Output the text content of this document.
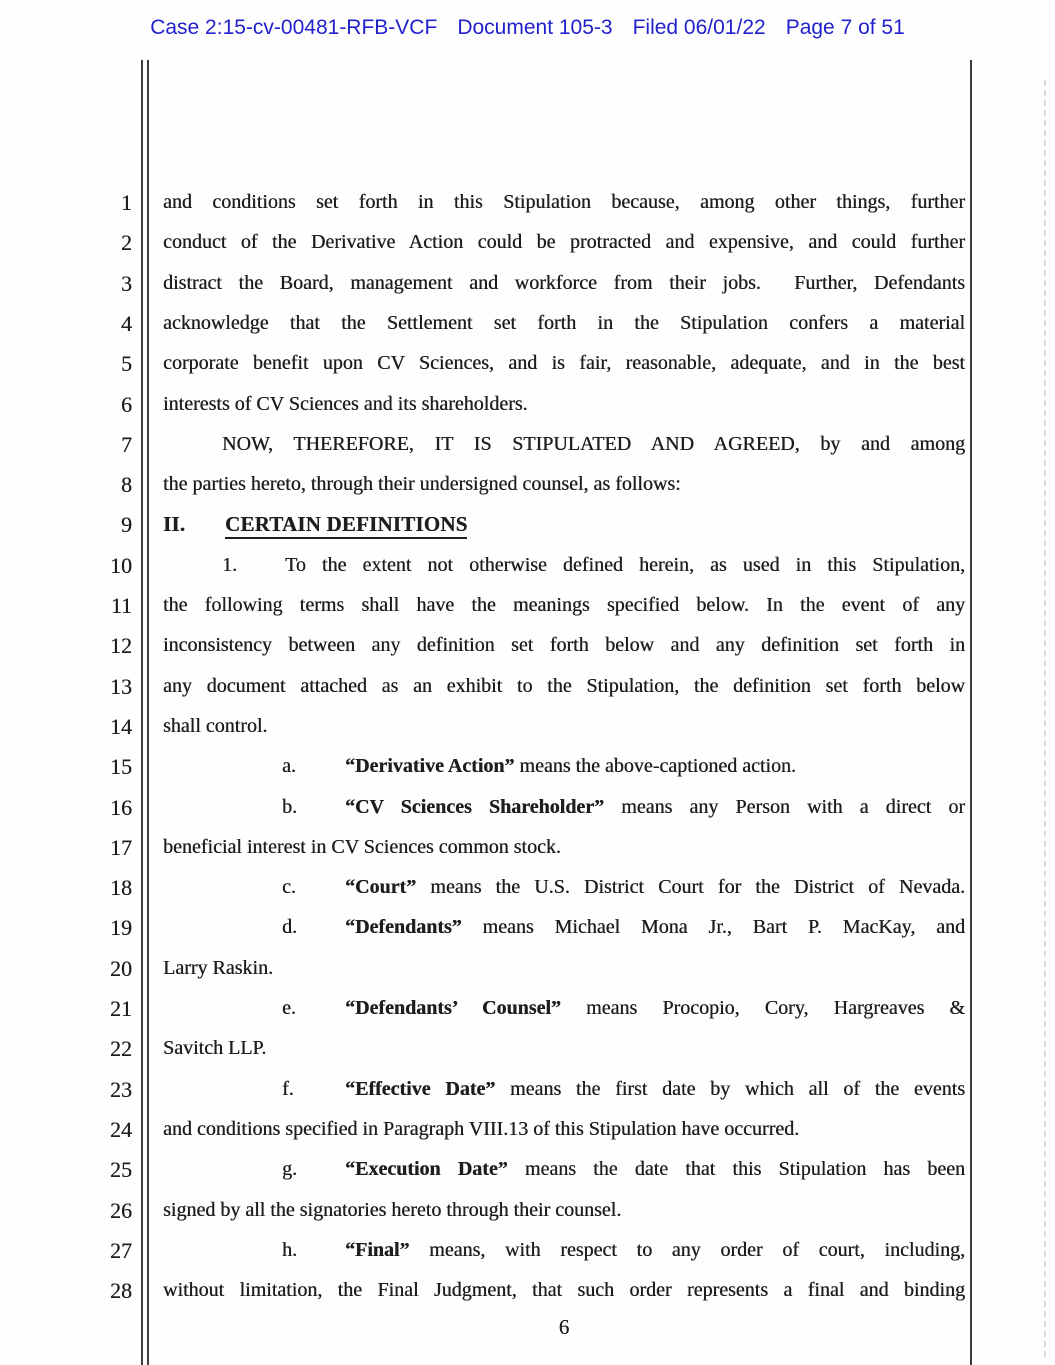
Case 2:15-cv-00481-RFB-VCF Document 105-3 Filed 06/01/22 Page 7 of 51
1 and conditions set forth in this Stipulation because, among other things, further
2 conduct of the Derivative Action could be protracted and expensive, and could further
3 distract the Board, management and workforce from their jobs.  Further, Defendants
4 acknowledge that the Settlement set forth in the Stipulation confers a material
5 corporate benefit upon CV Sciences, and is fair, reasonable, adequate, and in the best
6 interests of CV Sciences and its shareholders.
7	NOW, THEREFORE, IT IS STIPULATED AND AGREED, by and among
8 the parties hereto, through their undersigned counsel, as follows:
9 II. CERTAIN DEFINITIONS
10	1. To the extent not otherwise defined herein, as used in this Stipulation,
11 the following terms shall have the meanings specified below. In the event of any
12 inconsistency between any definition set forth below and any definition set forth in
13 any document attached as an exhibit to the Stipulation, the definition set forth below
14 shall control.
15	a. “Derivative Action” means the above-captioned action.
16	b. “CV Sciences Shareholder” means any Person with a direct or
17 beneficial interest in CV Sciences common stock.
18	c. “Court” means the U.S. District Court for the District of Nevada.
19	d. “Defendants” means Michael Mona Jr., Bart P. MacKay, and
20 Larry Raskin.
21	e. “Defendants’ Counsel” means Procopio, Cory, Hargreaves &
22 Savitch LLP.
23	f.	“Effective Date” means the first date by which all of the events
24 and conditions specified in Paragraph VIII.13 of this Stipulation have occurred.
25	g. “Execution Date” means the date that this Stipulation has been
26 signed by all the signatories hereto through their counsel.
27	h. “Final” means, with respect to any order of court, including,
28 without limitation, the Final Judgment, that such order represents a final and binding
6
